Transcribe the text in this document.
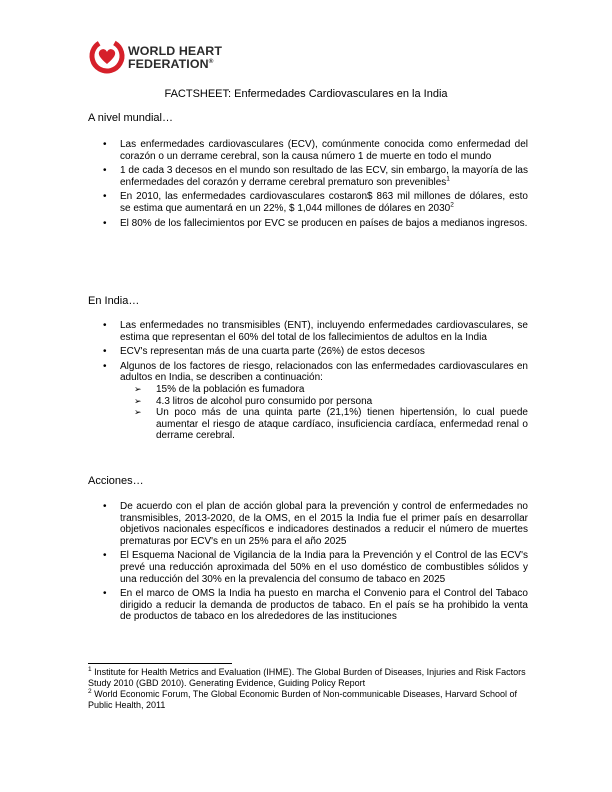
WORLD HEART
FEDERATION®
FACTSHEET: Enfermedades Cardiovasculares en la India
A nivel mundial…
• Las enfermedades cardiovasculares (ECV), comúnmente conocida como enfermedad del corazón o un derrame cerebral, son la causa número 1 de muerte en todo el mundo
• 1 de cada 3 decesos en el mundo son resultado de las ECV, sin embargo, la mayoría de las enfermedades del corazón y derrame cerebral prematuro son prevenibles$^1$
• En 2010, las enfermedades cardiovasculares costaron$ 863 mil millones de dólares, esto se estima que aumentará en un 22%, $ 1,044 millones de dólares en 2030$^2$
• El 80% de los fallecimientos por EVC se producen en países de bajos a medianos ingresos.
En India…
• Las enfermedades no transmisibles (ENT), incluyendo enfermedades cardiovasculares, se estima que representan el 60% del total de los fallecimientos de adultos en la India
• ECV's representan más de una cuarta parte (26%) de estos decesos
• Algunos de los factores de riesgo, relacionados con las enfermedades cardiovasculares en adultos en India, se describen a continuación:
➢ 15% de la población es fumadora
➢ 4.3 litros de alcohol puro consumido por persona
➢ Un poco más de una quinta parte (21,1%) tienen hipertensión, lo cual puede aumentar el riesgo de ataque cardíaco, insuficiencia cardíaca, enfermedad renal o derrame cerebral.
Acciones…
• De acuerdo con el plan de acción global para la prevención y control de enfermedades no transmisibles, 2013-2020, de la OMS, en el 2015 la India fue el primer país en desarrollar objetivos nacionales específicos e indicadores destinados a reducir el número de muertes prematuras por ECV's en un 25% para el año 2025
• El Esquema Nacional de Vigilancia de la India para la Prevención y el Control de las ECV's prevé una reducción aproximada del 50% en el uso doméstico de combustibles sólidos y una reducción del 30% en la prevalencia del consumo de tabaco en 2025
• En el marco de OMS la India ha puesto en marcha el Convenio para el Control del Tabaco dirigido a reducir la demanda de productos de tabaco. En el país se ha prohibido la venta de productos de tabaco en los alrededores de las instituciones

$^1$ Institute for Health Metrics and Evaluation (IHME). The Global Burden of Diseases, Injuries and Risk Factors Study 2010 (GBD 2010). Generating Evidence, Guiding Policy Report

$^2$ World Economic Forum, The Global Economic Burden of Non-communicable Diseases, Harvard School of Public Health, 2011
